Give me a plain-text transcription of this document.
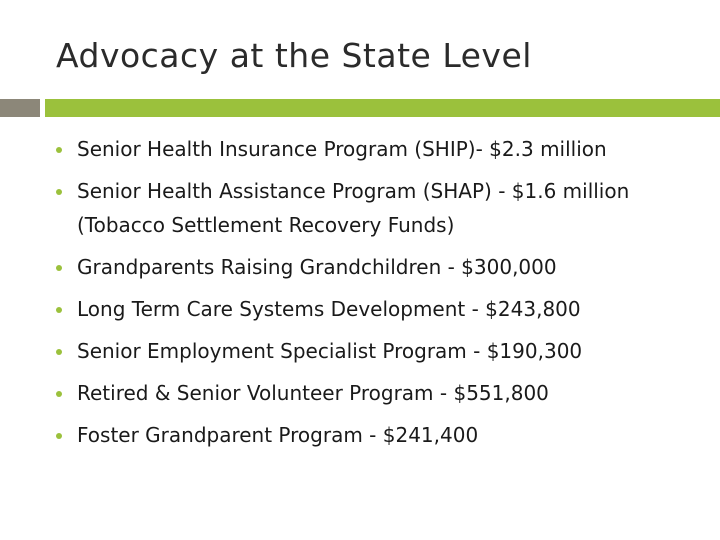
Advocacy at the State Level
Senior Health Insurance Program (SHIP)- $2.3 million
Senior Health Assistance Program (SHAP) - $1.6 million (Tobacco Settlement Recovery Funds)
Grandparents Raising Grandchildren - $300,000
Long Term Care Systems Development - $243,800
Senior Employment Specialist Program - $190,300
Retired & Senior Volunteer Program - $551,800
Foster Grandparent Program - $241,400
